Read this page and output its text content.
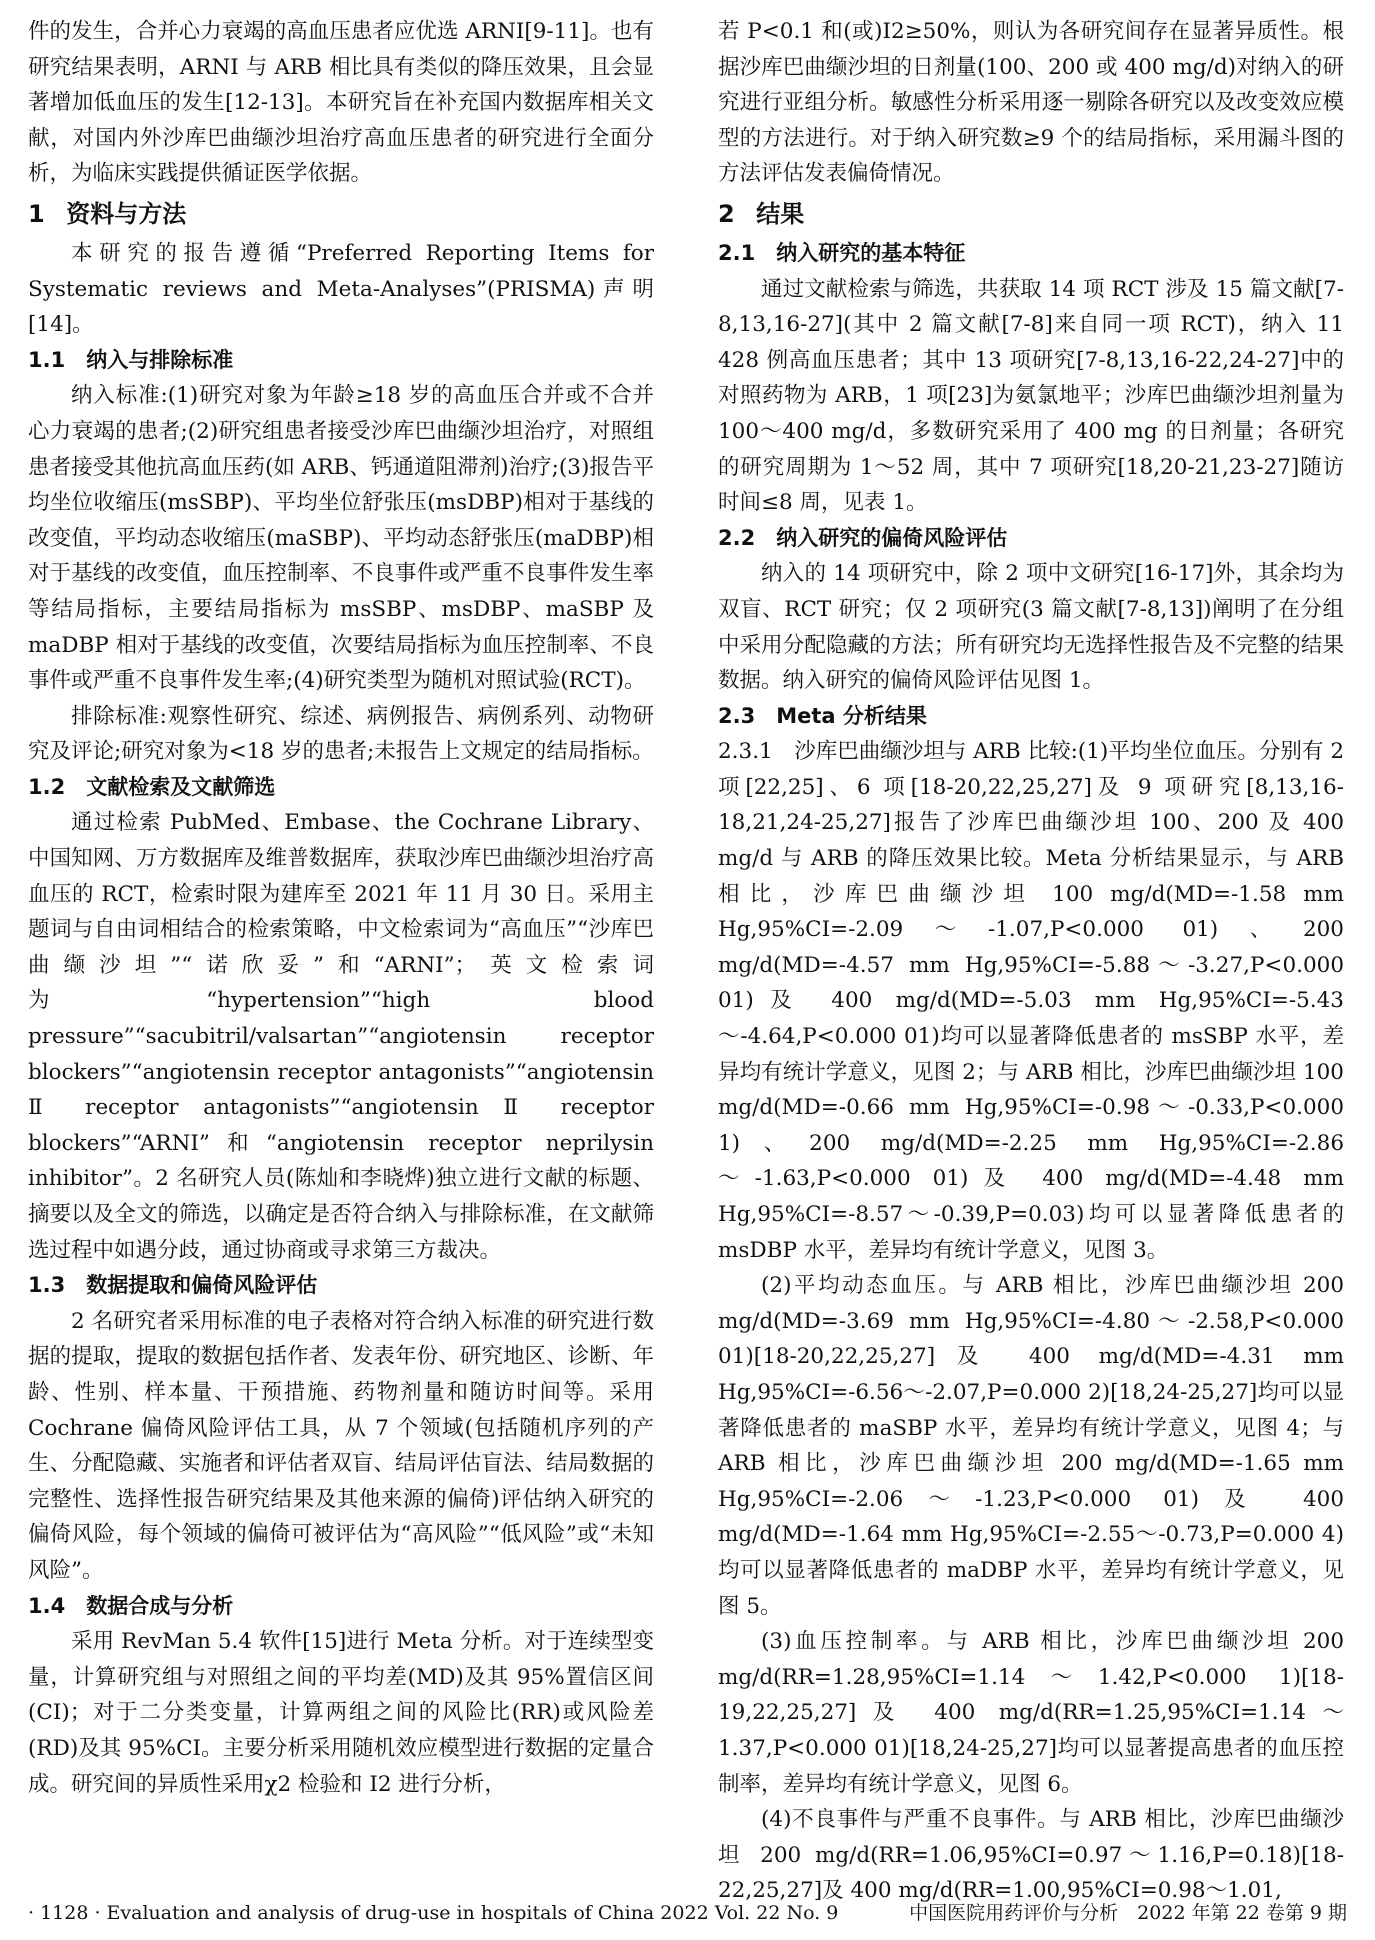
件的发生，合并心力衰竭的高血压患者应优选 ARNI[9-11]。也有研究结果表明，ARNI 与 ARB 相比具有类似的降压效果，且会显著增加低血压的发生[12-13]。本研究旨在补充国内数据库相关文献，对国内外沙库巴曲缬沙坦治疗高血压患者的研究进行全面分析，为临床实践提供循证医学依据。

1 资料与方法

本研究的报告遵循“Preferred Reporting Items for Systematic reviews and Meta-Analyses”(PRISMA)声明[14]。

1.1　纳入与排除标准

纳入标准:(1)研究对象为年龄≥18 岁的高血压合并或不合并心力衰竭的患者;(2)研究组患者接受沙库巴曲缬沙坦治疗，对照组患者接受其他抗高血压药(如 ARB、钙通道阻滞剂)治疗;(3)报告平均坐位收缩压(msSBP)、平均坐位舒张压(msDBP)相对于基线的改变值，平均动态收缩压(maSBP)、平均动态舒张压(maDBP)相对于基线的改变值，血压控制率、不良事件或严重不良事件发生率等结局指标，主要结局指标为 msSBP、msDBP、maSBP 及 maDBP 相对于基线的改变值，次要结局指标为血压控制率、不良事件或严重不良事件发生率;(4)研究类型为随机对照试验(RCT)。

排除标准:观察性研究、综述、病例报告、病例系列、动物研究及评论;研究对象为<18 岁的患者;未报告上文规定的结局指标。

1.2　文献检索及文献筛选

通过检索 PubMed、Embase、the Cochrane Library、中国知网、万方数据库及维普数据库，获取沙库巴曲缬沙坦治疗高血压的 RCT，检索时限为建库至 2021 年 11 月 30 日。采用主题词与自由词相结合的检索策略，中文检索词为“高血压”“沙库巴曲缬沙坦”“诺欣妥”和“ARNI”；英文检索词为“hypertension”“high blood pressure”“sacubitril/valsartan”“angiotensin receptor blockers”“angiotensin receptor antagonists”“angiotensin Ⅱ receptor antagonists”“angiotensin Ⅱ receptor blockers”“ARNI”和“angiotensin receptor neprilysin inhibitor”。2 名研究人员(陈灿和李晓烨)独立进行文献的标题、摘要以及全文的筛选，以确定是否符合纳入与排除标准，在文献筛选过程中如遇分歧，通过协商或寻求第三方裁决。

1.3　数据提取和偏倚风险评估

2 名研究者采用标准的电子表格对符合纳入标准的研究进行数据的提取，提取的数据包括作者、发表年份、研究地区、诊断、年龄、性别、样本量、干预措施、药物剂量和随访时间等。采用 Cochrane 偏倚风险评估工具，从 7 个领域(包括随机序列的产生、分配隐藏、实施者和评估者双盲、结局评估盲法、结局数据的完整性、选择性报告研究结果及其他来源的偏倚)评估纳入研究的偏倚风险，每个领域的偏倚可被评估为“高风险”“低风险”或“未知风险”。

1.4　数据合成与分析

采用 RevMan 5.4 软件[15]进行 Meta 分析。对于连续型变量，计算研究组与对照组之间的平均差(MD)及其 95%置信区间(CI)；对于二分类变量，计算两组之间的风险比(RR)或风险差(RD)及其 95%CI。主要分析采用随机效应模型进行数据的定量合成。研究间的异质性采用χ2 检验和 I2 进行分析，

若 P<0.1 和(或)I2≥50%，则认为各研究间存在显著异质性。根据沙库巴曲缬沙坦的日剂量(100、200 或 400 mg/d)对纳入的研究进行亚组分析。敏感性分析采用逐一剔除各研究以及改变效应模型的方法进行。对于纳入研究数≥9 个的结局指标，采用漏斗图的方法评估发表偏倚情况。

2 结果
2.1　纳入研究的基本特征

通过文献检索与筛选，共获取 14 项 RCT 涉及 15 篇文献[7-8,13,16-27](其中 2 篇文献[7-8]来自同一项 RCT)，纳入 11 428 例高血压患者；其中 13 项研究[7-8,13,16-22,24-27]中的对照药物为 ARB，1 项[23]为氨氯地平；沙库巴曲缬沙坦剂量为 100～400 mg/d，多数研究采用了 400 mg 的日剂量；各研究的研究周期为 1～52 周，其中 7 项研究[18,20-21,23-27]随访时间≤8 周，见表 1。

2.2　纳入研究的偏倚风险评估

纳入的 14 项研究中，除 2 项中文研究[16-17]外，其余均为双盲、RCT 研究；仅 2 项研究(3 篇文献[7-8,13])阐明了在分组中采用分配隐藏的方法；所有研究均无选择性报告及不完整的结果数据。纳入研究的偏倚风险评估见图 1。

2.3　Meta 分析结果

2.3.1　沙库巴曲缬沙坦与 ARB 比较:(1)平均坐位血压。分别有 2 项[22,25]、6 项[18-20,22,25,27]及 9 项研究[8,13,16-18,21,24-25,27]报告了沙库巴曲缬沙坦 100、200 及 400 mg/d 与 ARB 的降压效果比较。Meta 分析结果显示，与 ARB 相比，沙库巴曲缬沙坦 100 mg/d(MD=-1.58 mm Hg,95%CI=-2.09～-1.07,P<0.000 01)、200 mg/d(MD=-4.57 mm Hg,95%CI=-5.88～-3.27,P<0.000 01)及 400 mg/d(MD=-5.03 mm Hg,95%CI=-5.43～-4.64,P<0.000 01)均可以显著降低患者的 msSBP 水平，差异均有统计学意义，见图 2；与 ARB 相比，沙库巴曲缬沙坦 100 mg/d(MD=-0.66 mm Hg,95%CI=-0.98～-0.33,P<0.000 1)、200 mg/d(MD=-2.25 mm Hg,95%CI=-2.86～-1.63,P<0.000 01)及 400 mg/d(MD=-4.48 mm Hg,95%CI=-8.57～-0.39,P=0.03)均可以显著降低患者的 msDBP 水平，差异均有统计学意义，见图 3。

(2)平均动态血压。与 ARB 相比，沙库巴曲缬沙坦 200 mg/d(MD=-3.69 mm Hg,95%CI=-4.80～-2.58,P<0.000 01)[18-20,22,25,27]及 400 mg/d(MD=-4.31 mm Hg,95%CI=-6.56～-2.07,P=0.000 2)[18,24-25,27]均可以显著降低患者的 maSBP 水平，差异均有统计学意义，见图 4；与 ARB 相比，沙库巴曲缬沙坦 200 mg/d(MD=-1.65 mm Hg,95%CI=-2.06～-1.23,P<0.000 01)及 400 mg/d(MD=-1.64 mm Hg,95%CI=-2.55～-0.73,P=0.000 4)均可以显著降低患者的 maDBP 水平，差异均有统计学意义，见图 5。

(3)血压控制率。与 ARB 相比，沙库巴曲缬沙坦 200 mg/d(RR=1.28,95%CI=1.14～1.42,P<0.000 1)[18-19,22,25,27]及 400 mg/d(RR=1.25,95%CI=1.14～1.37,P<0.000 01)[18,24-25,27]均可以显著提高患者的血压控制率，差异均有统计学意义，见图 6。

(4)不良事件与严重不良事件。与 ARB 相比，沙库巴曲缬沙坦 200 mg/d(RR=1.06,95%CI=0.97～1.16,P=0.18)[18-22,25,27]及 400 mg/d(RR=1.00,95%CI=0.98～1.01,

· 1128 · Evaluation and analysis of drug-use in hospitals of China 2022 Vol. 22 No. 9	中国医院用药评价与分析　2022 年第 22 卷第 9 期
